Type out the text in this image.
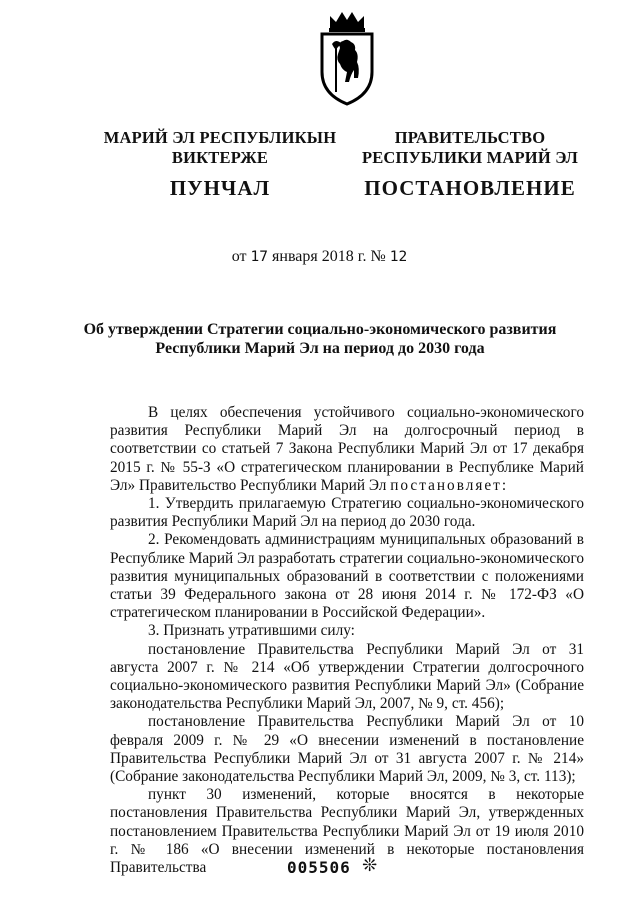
МАРИЙ ЭЛ РЕСПУБЛИКЫН
ВИКТЕРЖЕ
ПУНЧАЛ
ПРАВИТЕЛЬСТВО
РЕСПУБЛИКИ МАРИЙ ЭЛ
ПОСТАНОВЛЕНИЕ
от 17 января 2018 г. № 12
Об утверждении Стратегии социально-экономического развития
Республики Марий Эл на период до 2030 года

В целях обеспечения устойчивого социально-экономического развития Республики Марий Эл на долгосрочный период в соответствии со статьей 7 Закона Республики Марий Эл от 17 декабря 2015 г. № 55-З «О стратегическом планировании в Республике Марий Эл» Правительство Республики Марий Эл постановляет:

1. Утвердить прилагаемую Стратегию социально-экономического развития Республики Марий Эл на период до 2030 года.

2. Рекомендовать администрациям муниципальных образований в Республике Марий Эл разработать стратегии социально-экономического развития муниципальных образований в соответствии с положениями статьи 39 Федерального закона от 28 июня 2014 г. № 172-ФЗ «О стратегическом планировании в Российской Федерации».

3. Признать утратившими силу:

постановление Правительства Республики Марий Эл от 31 августа 2007 г. № 214 «Об утверждении Стратегии долгосрочного социально-экономического развития Республики Марий Эл» (Собрание законодательства Республики Марий Эл, 2007, № 9, ст. 456);

постановление Правительства Республики Марий Эл от 10 февраля 2009 г. № 29 «О внесении изменений в постановление Правительства Республики Марий Эл от 31 августа 2007 г. № 214» (Собрание законодательства Республики Марий Эл, 2009, № 3, ст. 113);

пункт 30 изменений, которые вносятся в некоторые постановления Правительства Республики Марий Эл, утвержденных постановлением Правительства Республики Марий Эл от 19 июля 2010 г. № 186 «О внесении изменений в некоторые постановления Правительства	005506 ❊
